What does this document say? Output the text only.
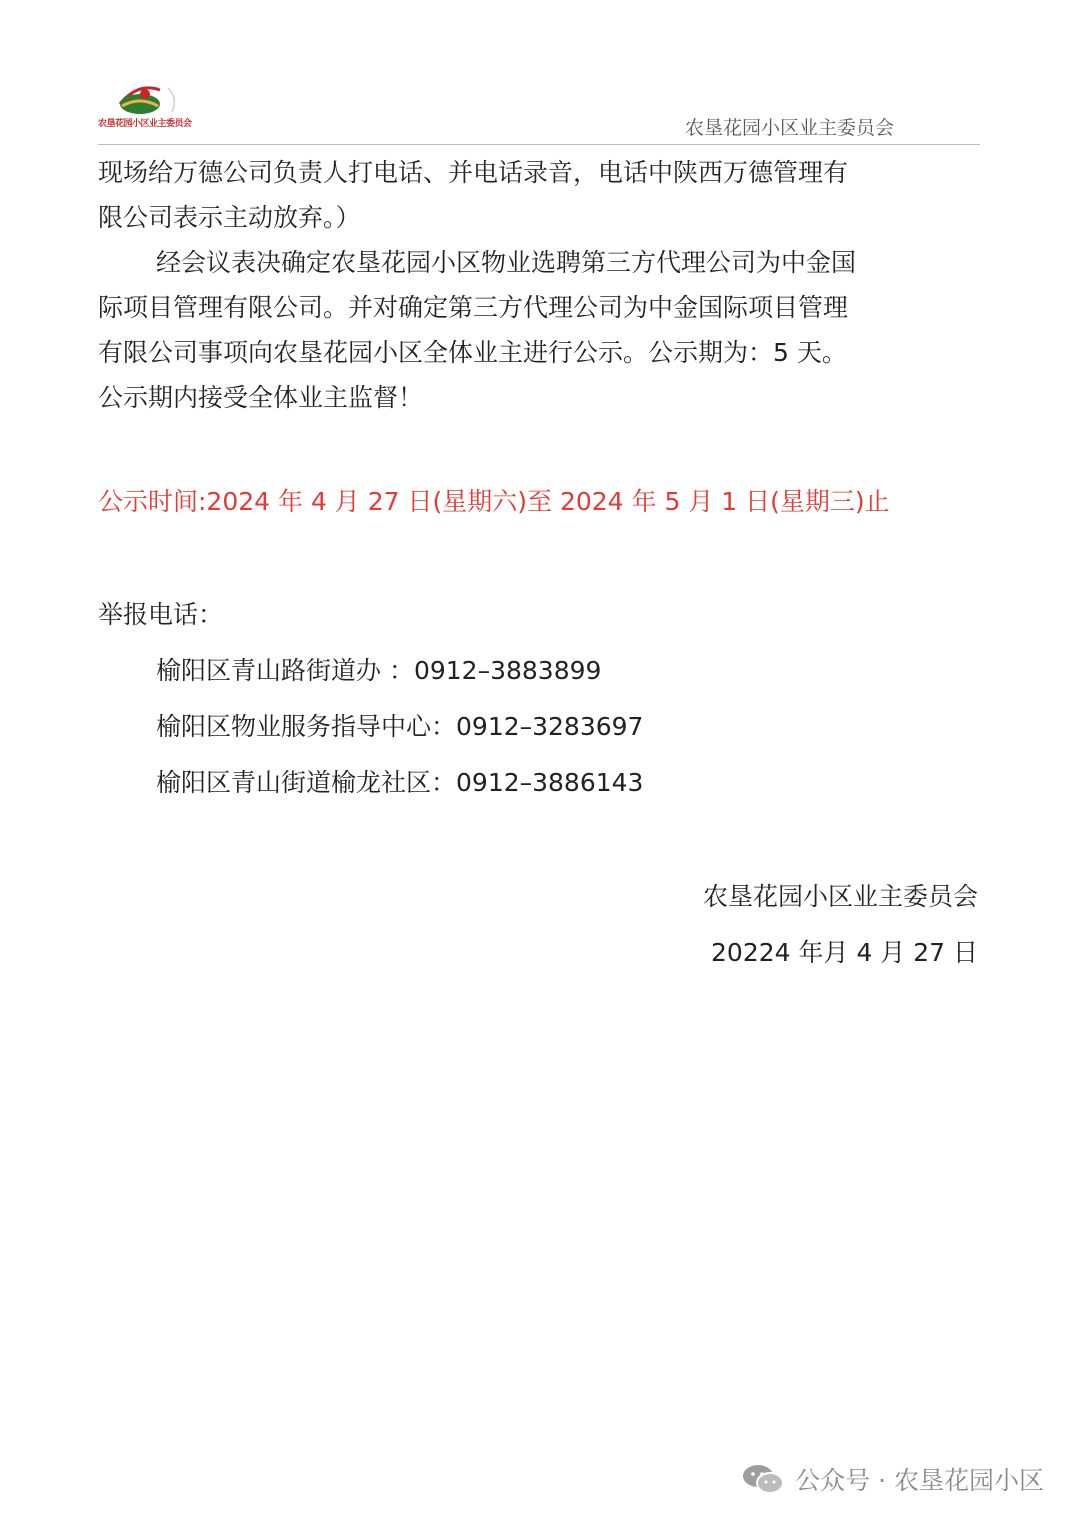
农垦花园小区业主委员会	农垦花园小区业主委员会
现场给万德公司负责人打电话、并电话录音，电话中陕西万德管理有
限公司表示主动放弃。）
经会议表决确定农垦花园小区物业选聘第三方代理公司为中金国
际项目管理有限公司。并对确定第三方代理公司为中金国际项目管理
有限公司事项向农垦花园小区全体业主进行公示。公示期为：5 天。
公示期内接受全体业主监督！
公示时间:2024 年 4 月 27 日(星期六)至 2024 年 5 月 1 日(星期三)止
举报电话：
榆阳区青山路街道办 ：0912–3883899
榆阳区物业服务指导中心：0912–3283697
榆阳区青山街道榆龙社区：0912–3886143
农垦花园小区业主委员会
20224 年月 4 月 27 日
公众号 · 农垦花园小区
